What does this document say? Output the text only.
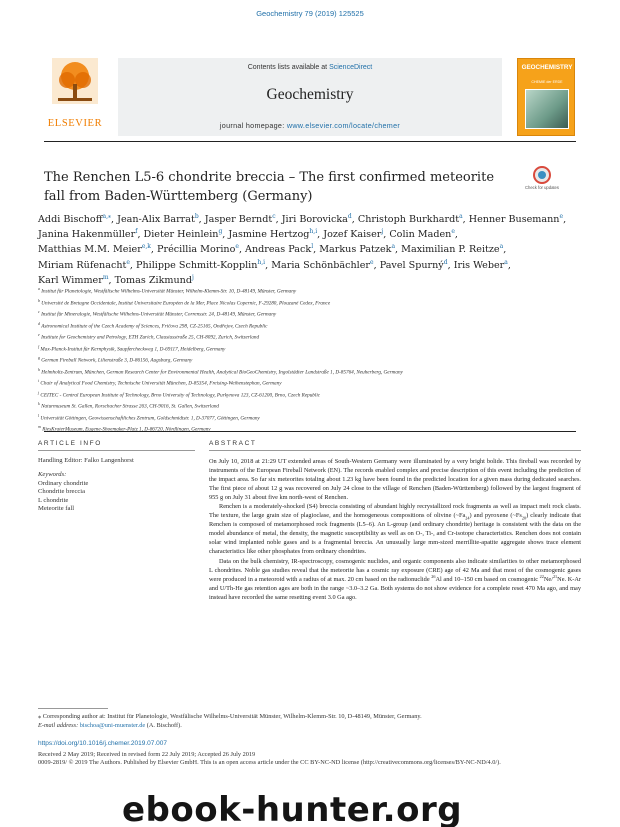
Geochemistry 79 (2019) 125525
ELSEVIER
Contents lists available at ScienceDirect
Geochemistry
journal homepage: www.elsevier.com/locate/chemer
GEOCHEMISTRY
CHEMIE der ERDE
The Renchen L5-6 chondrite breccia – The first confirmed meteorite fall from Baden-Württemberg (Germany)
Check for updates
Addi Bischoff$^{a,⁎}$, Jean-Alix Barrat$^b$, Jasper Berndt$^c$, Jiri Borovicka$^d$, Christoph Burkhardt$^a$, Henner Busemann$^e$, Janina Hakenmüller$^f$, Dieter Heinlein$^g$, Jasmine Hertzog$^{h,i}$, Jozef Kaiser$^j$, Colin Maden$^e$, Matthias M.M. Meier$^{e,k}$, Précillia Morino$^e$, Andreas Pack$^l$, Markus Patzek$^a$, Maximilian P. Reitze$^a$, Miriam Rüfenacht$^e$, Philippe Schmitt-Kopplin$^{h,i}$, Maria Schönbächler$^e$, Pavel Spurný$^d$, Iris Weber$^a$, Karl Wimmer$^m$, Tomas Zikmund$^j$
$^a$ Institut für Planetologie, Westfälische Wilhelms-Universität Münster, Wilhelm-Klemm-Str. 10, D-48149, Münster, Germany
$^b$ Université de Bretagne Occidentale, Institut Universitaire Européen de la Mer, Place Nicolas Copernic, F-29280, Plouzané Cedex, France
$^c$ Institut für Mineralogie, Westfälische Wilhelms-Universität Münster, Corrensstr. 24, D-48149, Münster, Germany
$^d$ Astronomical Institute of the Czech Academy of Sciences, Fričova 298, CZ-25165, Ondřejov, Czech Republic
$^e$ Institute for Geochemistry and Petrology, ETH Zurich, Clausiusstraße 25, CH-8092, Zurich, Switzerland
$^f$ Max-Planck-Institut für Kernphysik, Saupfercheckweg 1, D-69117, Heidelberg, Germany
$^g$ German Fireball Network, Lilienstraße 3, D-86156, Augsburg, Germany
$^h$ Helmholtz-Zentrum, München, German Research Center for Environmental Health, Analytical BioGeoChemistry, Ingolstädter Landstraße 1, D-85764, Neuherberg, Germany
$^i$ Chair of Analytical Food Chemistry, Technische Universität München, D-85354, Freising-Weihenstephan, Germany
$^j$ CEITEC - Central European Institute of Technology, Brno University of Technology, Purkynova 123, CZ-61200, Brno, Czech Republic
$^k$ Naturmuseum St. Gallen, Rorschacher Strasse 263, CH-9016, St. Gallen, Switzerland
$^l$ Universität Göttingen, Geowissenschaftliches Zentrum, Goldschmidtstr. 1, D-37077, Göttingen, Germany
$^m$ RiesKraterMuseum, Eugene-Shoemaker-Platz 1, D-86720, Nördlingen, Germany
ARTICLE INFO	ABSTRACT
Handling Editor: Falko Langenhorst
Keywords:
Ordinary chondrite
Chondrite breccia
L chondrite
Meteorite fall

On July 10, 2018 at 21:29 UT extended areas of South-Western Germany were illuminated by a very bright bolide. This fireball was recorded by instruments of the European Fireball Network (EN). The records enabled complex and precise description of this event including the prediction of the impact area. So far six meteorites totaling about 1.23 kg have been found in the predicted location for a given mass during dedicated searches. The first piece of about 12 g was recovered on July 24 close to the village of Renchen (Baden-Württemberg) followed by the largest fragment of 955 g on July 31 about five km north-west of Renchen.

Renchen is a moderately-shocked (S4) breccia consisting of abundant highly recrystallized rock fragments as well as impact melt rock clasts. The texture, the large grain size of plagioclase, and the homogeneous compositions of olivine $(\sim Fa_{24})$ and pyroxene $(\sim Fs_{20})$ clearly indicate that Renchen is composed of metamorphosed rock fragments (L5–6). An L-group (and ordinary chondrite) heritage is consistent with the data on the model abundance of metal, the density, the magnetic susceptibility as well as on O-, Ti-, and Cr-isotope characteristics. Renchen does not contain solar wind implanted noble gases and is a fragmental breccia. An unusually large mm-sized merrillite-apatite aggregate shows trace element characteristics like other phosphates from ordinary chondrites.

Data on the bulk chemistry, IR-spectroscopy, cosmogenic nuclides, and organic components also indicate similarities to other metamorphosed L chondrites. Noble gas studies reveal that the meteorite has a cosmic ray exposure (CRE) age of 42 Ma and that most of the cosmogenic gases were produced in a meteoroid with a radius of at max. 20 cm based on the radionuclide $^{26}$Al and 10–150 cm based on cosmogenic $^{22}$Ne/$^{21}$Ne. K-Ar and U/Th-He gas retention ages are both in the range ~3.0–3.2 Ga. Both systems do not show evidence for a complete reset 470 Ma ago, and may instead have recorded the same resetting event 3.0 Ga ago.

⁎ Corresponding author at: Institut für Planetologie, Westfälische Wilhelms-Universität Münster, Wilhelm-Klemm-Str. 10, D-48149, Münster, Germany.
E-mail address: bischoa@uni-muenster.de (A. Bischoff).
https://doi.org/10.1016/j.chemer.2019.07.007
Received 2 May 2019; Received in revised form 22 July 2019; Accepted 26 July 2019
0009-2819/ © 2019 The Authors. Published by Elsevier GmbH. This is an open access article under the CC BY-NC-ND license (http://creativecommons.org/licenses/BY-NC-ND/4.0/).
ebook-hunter.org
